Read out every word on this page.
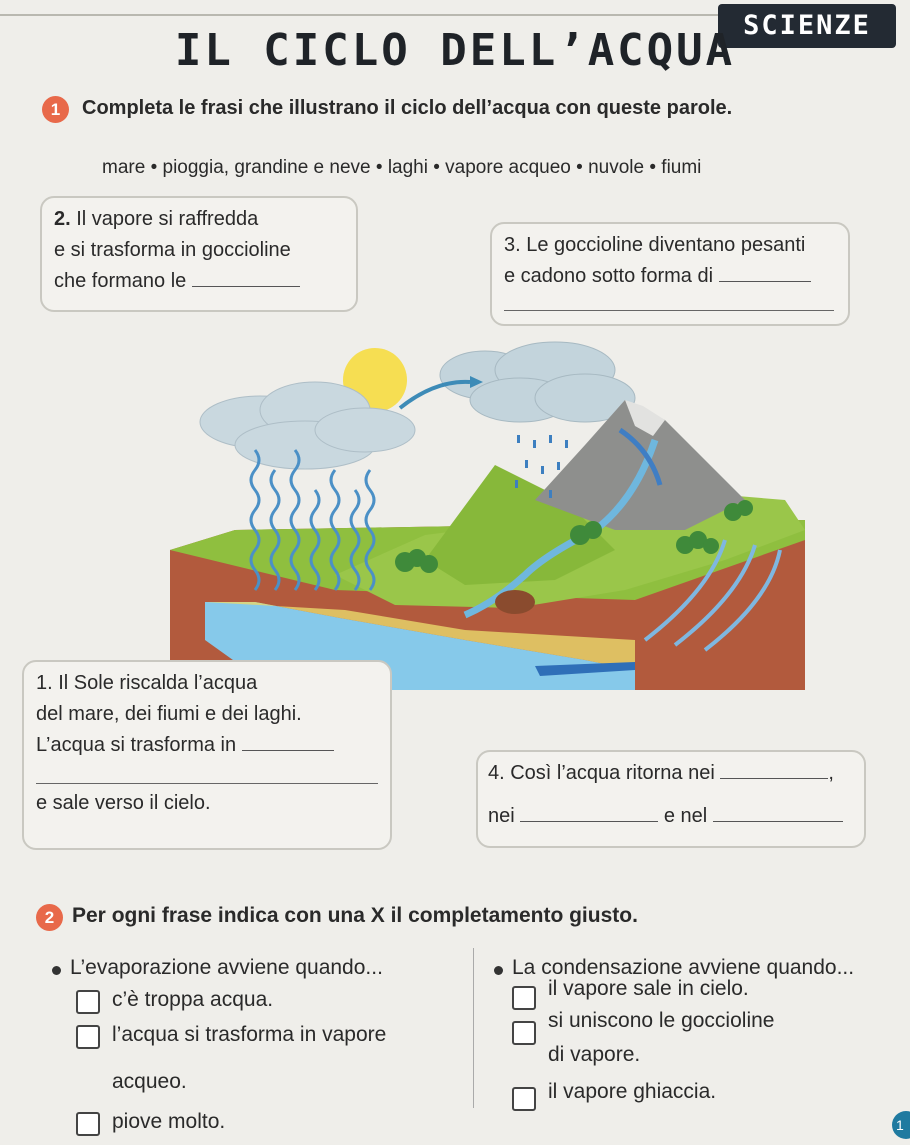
SCIENZE
IL CICLO DELL’ACQUA
1	Completa le frasi che illustrano il ciclo dell’acqua con queste parole.
mare • pioggia, grandine e neve • laghi • vapore acqueo • nuvole • fiumi
2. Il vapore si raffredda
e si trasforma in goccioline
che formano le
3. Le goccioline diventano pesanti
e cadono sotto forma di
1. Il Sole riscalda l’acqua
del mare, dei fiumi e dei laghi.
L’acqua si trasforma in
e sale verso il cielo.
4. Così l’acqua ritorna nei	,
nei	e nel
2 Per ogni frase indica con una X il completamento giusto.
L’evaporazione avviene quando...
c’è troppa acqua.
l’acqua si trasforma in vapore
acqueo.
piove molto.
La condensazione avviene quando...
il vapore sale in cielo.
si uniscono le goccioline
di vapore.
il vapore ghiaccia.
1
